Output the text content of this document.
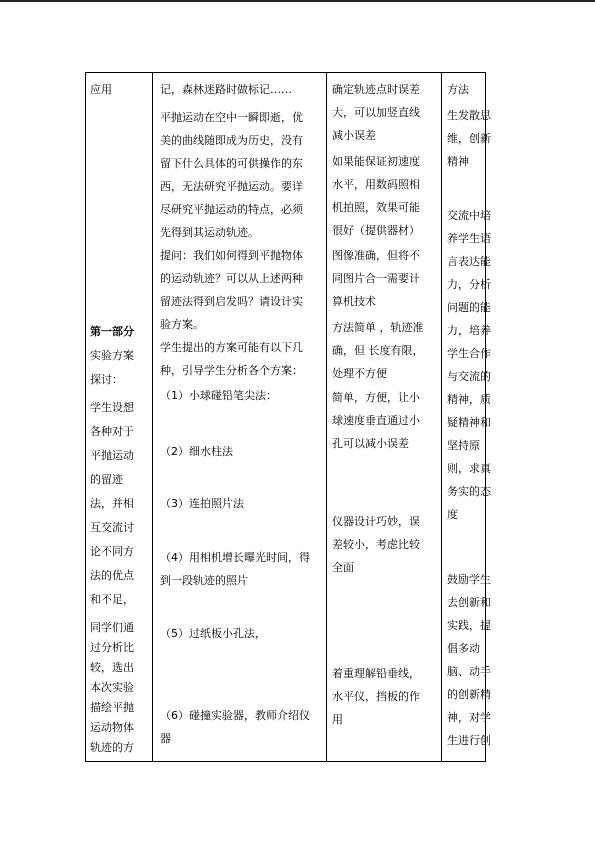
应用

第一部分

实验方案

探讨：

学生设想

各种对于

平抛运动

的留迹

法，并相

互交流讨

论不同方

法的优点

和不足，

同学们通

过分析比

较，选出

本次实验

描绘平抛

运动物体

记，森林迷路时做标记……

平抛运动在空中一瞬即逝，优

美的曲线随即成为历史，没有

留下什么具体的可供操作的东

西，无法研究平抛运动。要详

尽研究平抛运动的特点，必须

先得到其运动轨迹。

提问：我们如何得到平抛物体

的运动轨迹？可以从上述两种

留迹法得到启发吗？请设计实

验方案。

学生提出的方案可能有以下几

种，引导学生分析各个方案：

（1）小球碰铅笔尖法：

（2）细水柱法

（3）连拍照片法

（4）用相机增长曝光时间，得

到一段轨迹的照片

（5）过纸板小孔法，

（6）碰撞实验器，教师介绍仪

器

确定轨迹点时误差

大，可以加竖直线

减小误差

如果能保证初速度

水平，用数码照相

机拍照，效果可能

很好（提供器材）

图像准确，但将不

同图片合一需要计

算机技术

方法简单 ，轨迹准

确，但 长度有限，

处理不方便

简单，方便，让小

球速度垂直通过小

孔可以减小误差

仪器设计巧妙，误

差较小，考虑比较

全面

着重理解铅垂线，

水平仪，挡板的作

用

方法

生发散思

维，创新

精神

交流中培

养学生语

言表达能

力，分析

问题的能

力，培养

学生合作

与交流的

精神，质

疑精神和

坚持原

则，求真

务实的态

度

鼓励学生

去创新和

实践，提

倡多动

脑、动手

的创新精

神，对学

生进行创

轨迹的方
